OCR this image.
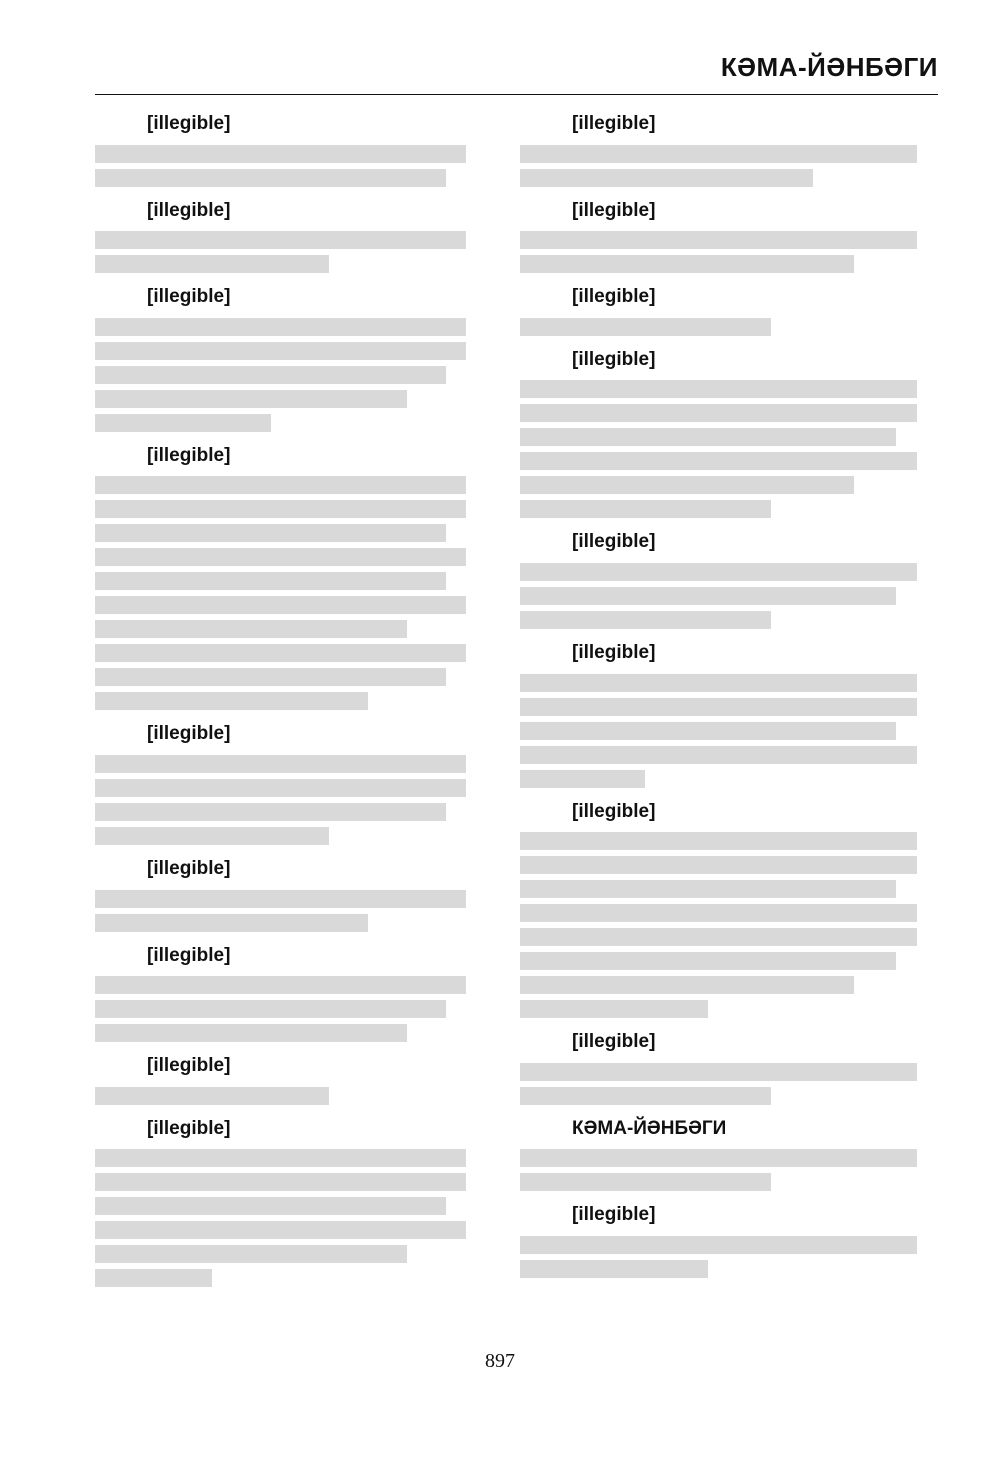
КӘМА-ЙӘНБӘГИ
[illegible]
[illegible]
[illegible]
[illegible]
[illegible]
[illegible]
[illegible]
[illegible]
[illegible]
[illegible]
[illegible]
[illegible]
[illegible]
[illegible]
[illegible]
[illegible]
[illegible]
КӘМА-ЙӘНБӘГИ
[illegible]
897
